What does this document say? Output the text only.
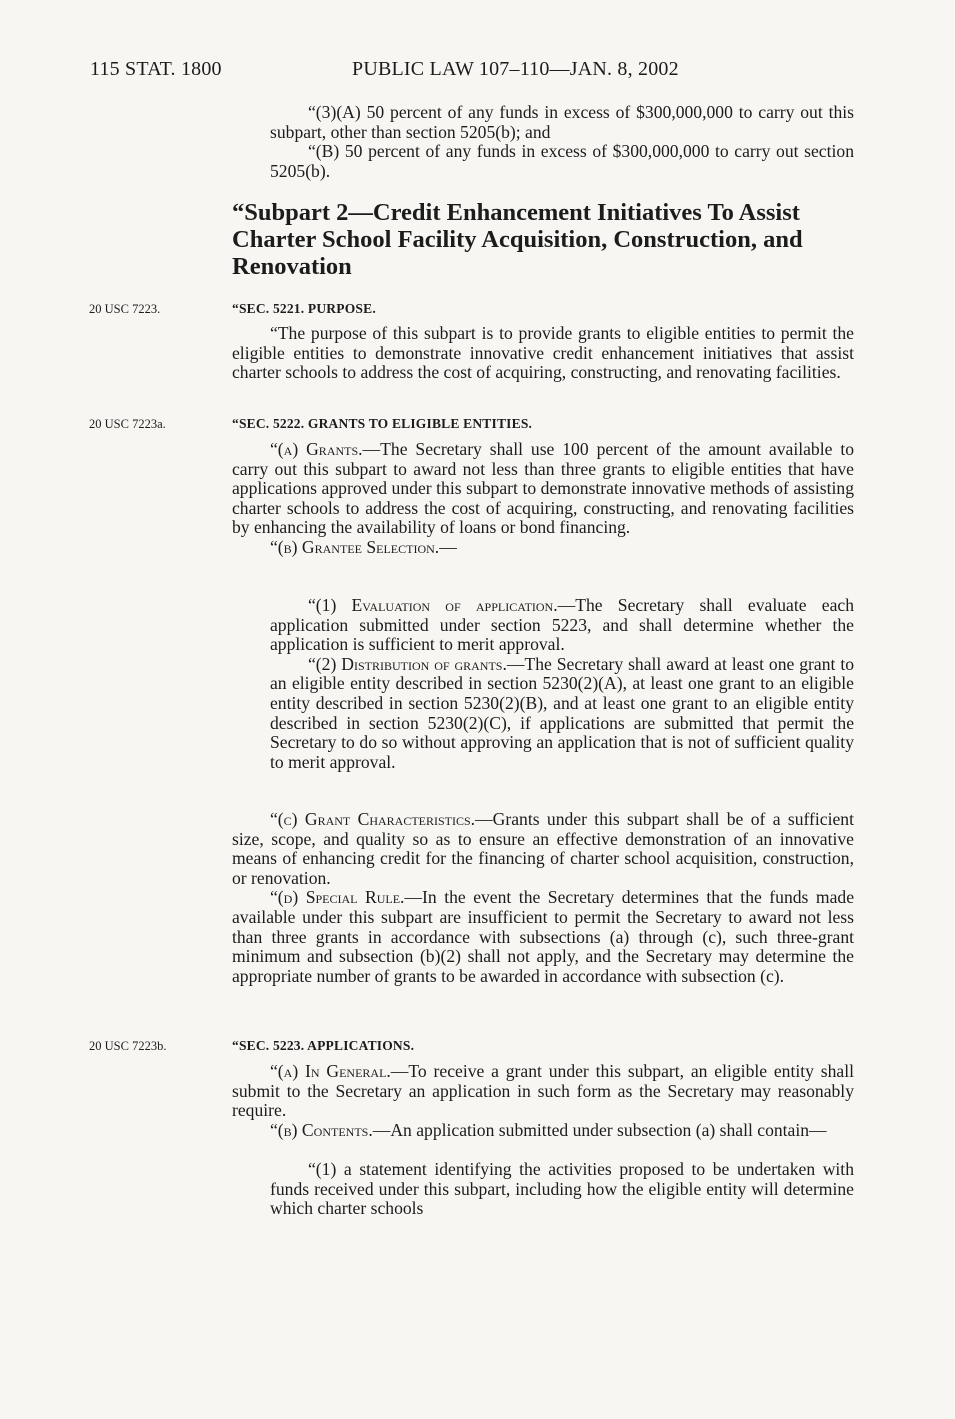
115 STAT. 1800	PUBLIC LAW 107–110—JAN. 8, 2002

“(3)(A) 50 percent of any funds in excess of $300,000,000 to carry out this subpart, other than section 5205(b); and

“(B) 50 percent of any funds in excess of $300,000,000 to carry out section 5205(b).

“Subpart 2—Credit Enhancement Initiatives To Assist Charter School Facility Acquisition, Construction, and Renovation
20 USC 7223.	“SEC. 5221. PURPOSE.

“The purpose of this subpart is to provide grants to eligible entities to permit the eligible entities to demonstrate innovative credit enhancement initiatives that assist charter schools to address the cost of acquiring, constructing, and renovating facilities.

20 USC 7223a.	“SEC. 5222. GRANTS TO ELIGIBLE ENTITIES.

“(a) Grants.—The Secretary shall use 100 percent of the amount available to carry out this subpart to award not less than three grants to eligible entities that have applications approved under this subpart to demonstrate innovative methods of assisting charter schools to address the cost of acquiring, constructing, and renovating facilities by enhancing the availability of loans or bond financing.

“(b) Grantee Selection.—

“(1) Evaluation of application.—The Secretary shall evaluate each application submitted under section 5223, and shall determine whether the application is sufficient to merit approval.

“(2) Distribution of grants.—The Secretary shall award at least one grant to an eligible entity described in section 5230(2)(A), at least one grant to an eligible entity described in section 5230(2)(B), and at least one grant to an eligible entity described in section 5230(2)(C), if applications are submitted that permit the Secretary to do so without approving an application that is not of sufficient quality to merit approval.

“(c) Grant Characteristics.—Grants under this subpart shall be of a sufficient size, scope, and quality so as to ensure an effective demonstration of an innovative means of enhancing credit for the financing of charter school acquisition, construction, or renovation.

“(d) Special Rule.—In the event the Secretary determines that the funds made available under this subpart are insufficient to permit the Secretary to award not less than three grants in accordance with subsections (a) through (c), such three-grant minimum and subsection (b)(2) shall not apply, and the Secretary may determine the appropriate number of grants to be awarded in accordance with subsection (c).

20 USC 7223b.	“SEC. 5223. APPLICATIONS.

“(a) In General.—To receive a grant under this subpart, an eligible entity shall submit to the Secretary an application in such form as the Secretary may reasonably require.

“(b) Contents.—An application submitted under subsection (a) shall contain—

“(1) a statement identifying the activities proposed to be undertaken with funds received under this subpart, including how the eligible entity will determine which charter schools
